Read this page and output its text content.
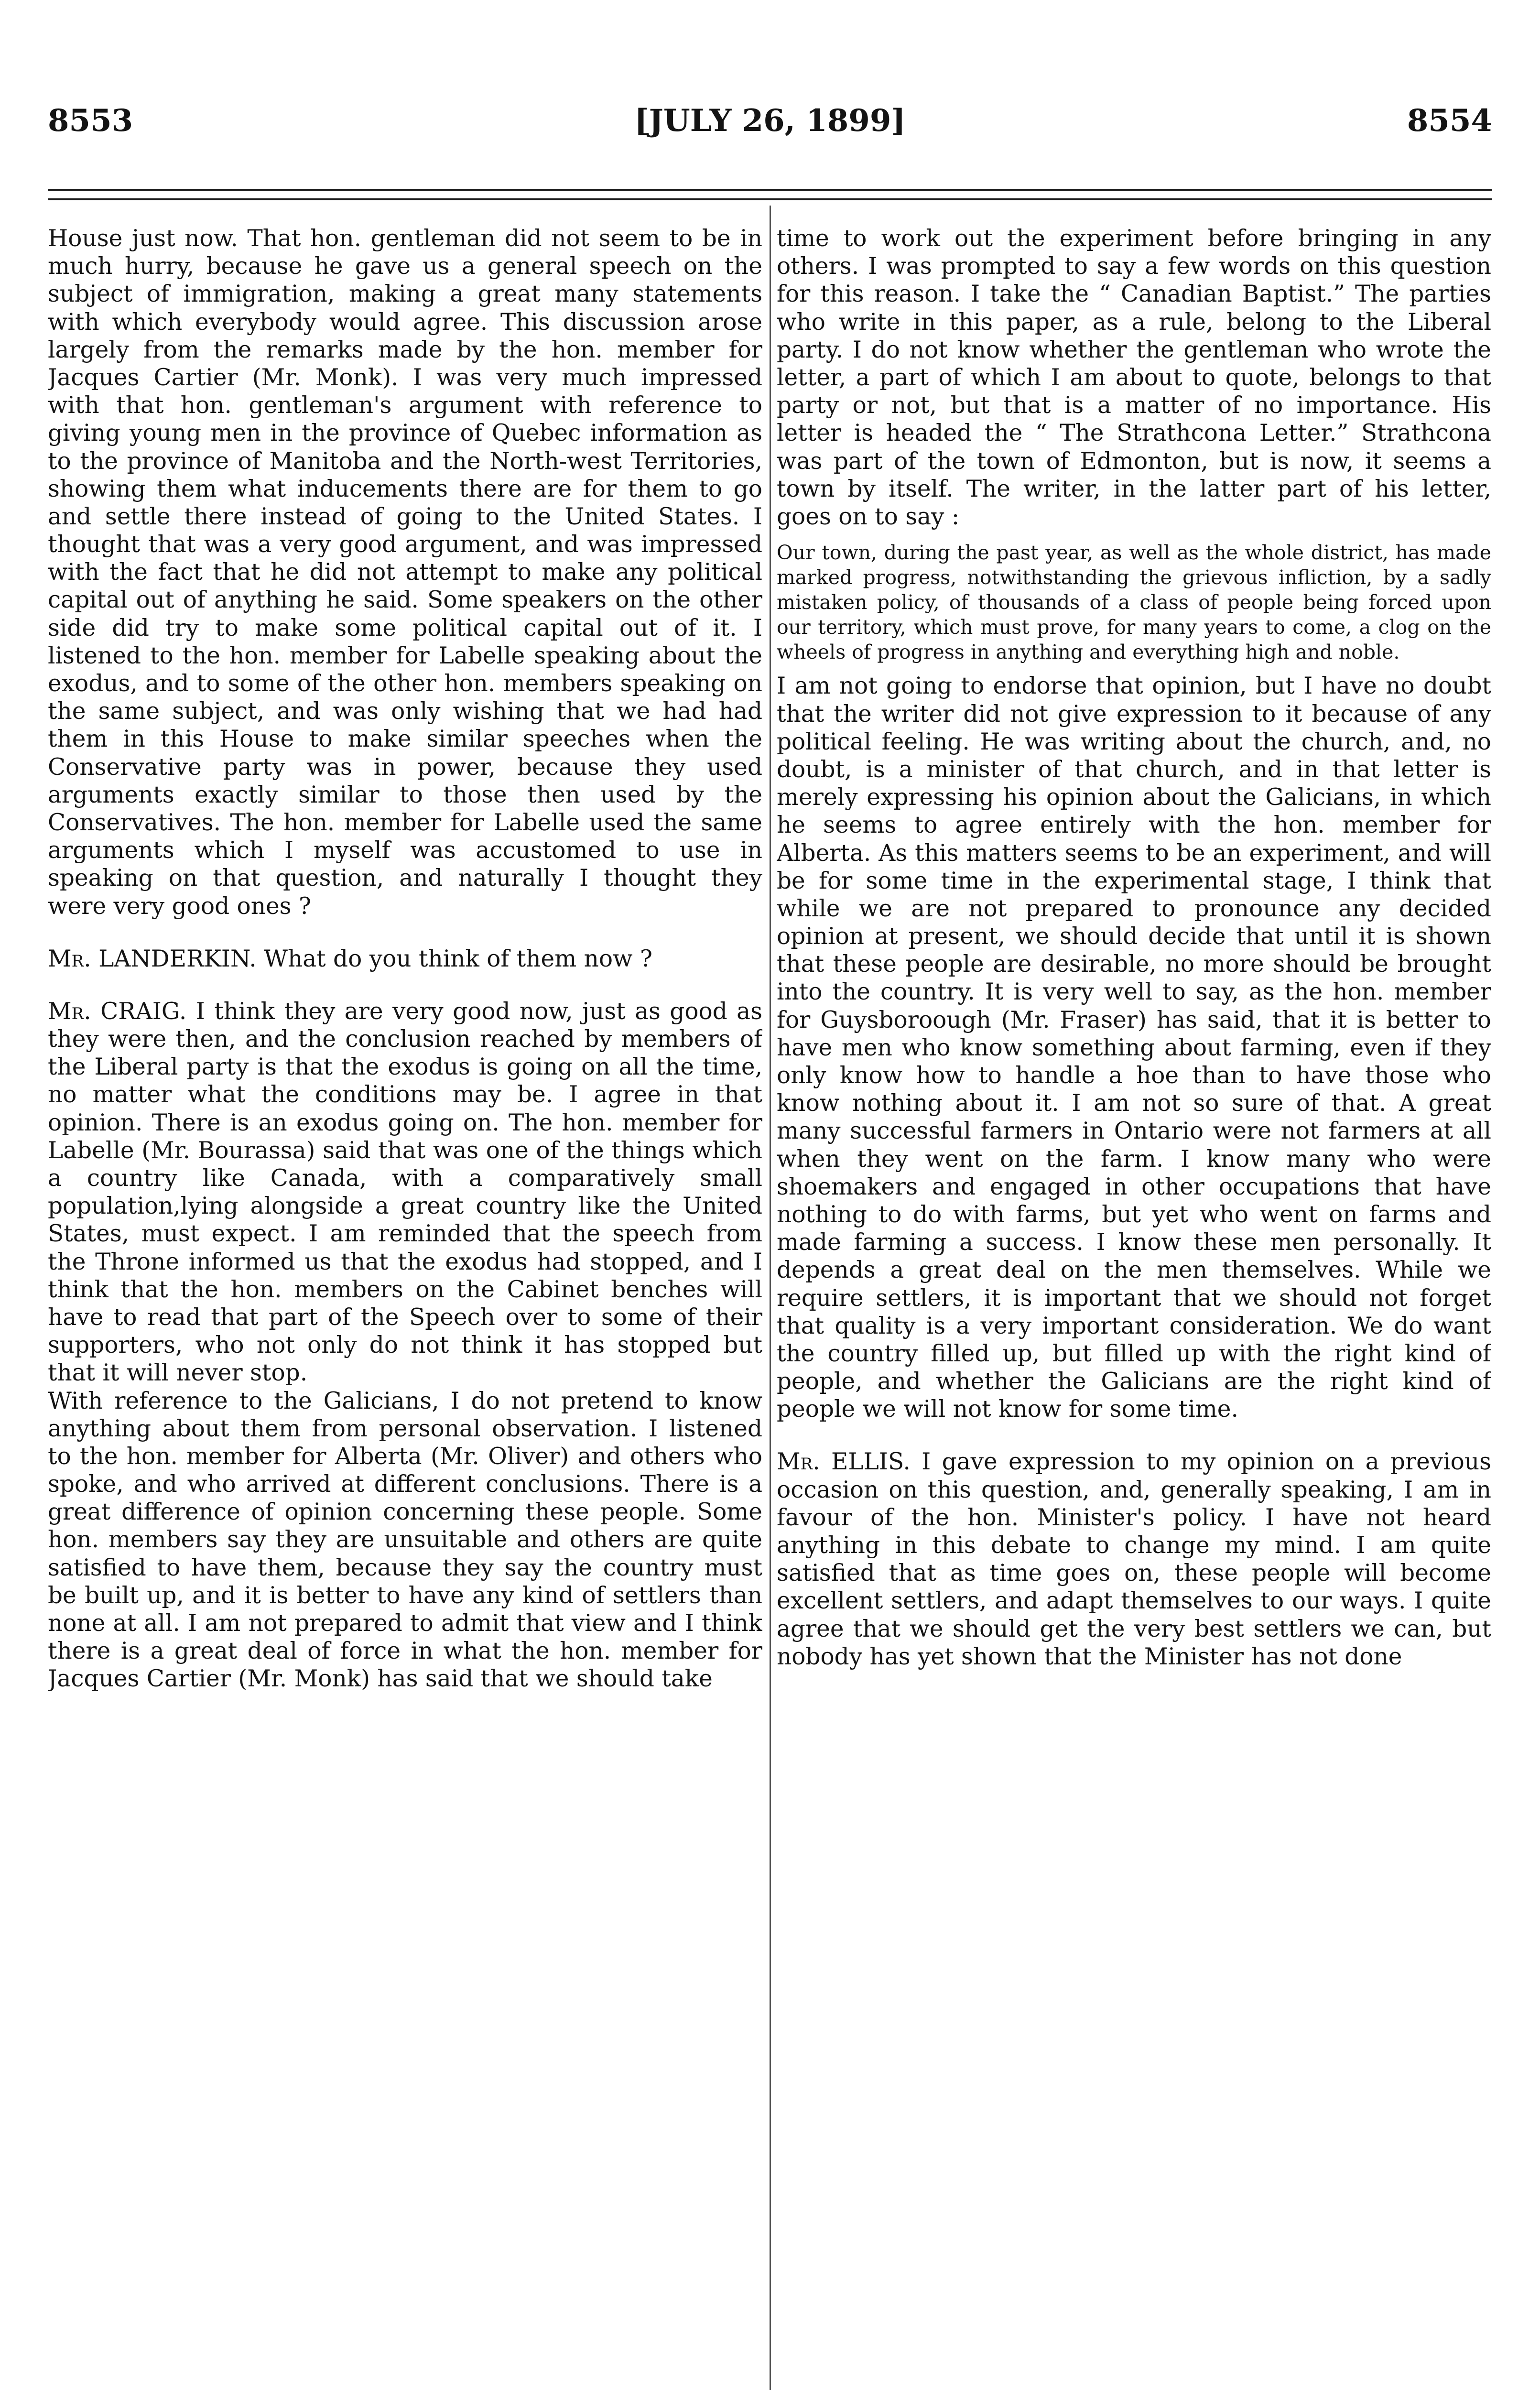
8553	[JULY 26, 1899]	8554

House just now. That hon. gentleman did not seem to be in much hurry, because he gave us a general speech on the subject of immigration, making a great many statements with which everybody would agree. This discussion arose largely from the remarks made by the hon. member for Jacques Cartier (Mr. Monk). I was very much impressed with that hon. gentleman's argument with reference to giving young men in the province of Quebec information as to the province of Manitoba and the North-west Territories, showing them what inducements there are for them to go and settle there instead of going to the United States. I thought that was a very good argument, and was impressed with the fact that he did not attempt to make any political capital out of anything he said. Some speakers on the other side did try to make some political capital out of it. I listened to the hon. member for Labelle speaking about the exodus, and to some of the other hon. members speaking on the same subject, and was only wishing that we had had them in this House to make similar speeches when the Conservative party was in power, because they used arguments exactly similar to those then used by the Conservatives. The hon. member for Labelle used the same arguments which I myself was accustomed to use in speaking on that question, and naturally I thought they were very good ones ?

Mr. LANDERKIN. What do you think of them now ?

Mr. CRAIG. I think they are very good now, just as good as they were then, and the conclusion reached by members of the Liberal party is that the exodus is going on all the time, no matter what the conditions may be. I agree in that opinion. There is an exodus going on. The hon. member for Labelle (Mr. Bourassa) said that was one of the things which a country like Canada, with a comparatively small population,lying alongside a great country like the United States, must expect. I am reminded that the speech from the Throne informed us that the exodus had stopped, and I think that the hon. members on the Cabinet benches will have to read that part of the Speech over to some of their supporters, who not only do not think it has stopped but that it will never stop.

With reference to the Galicians, I do not pretend to know anything about them from personal observation. I listened to the hon. member for Alberta (Mr. Oliver) and others who spoke, and who arrived at different conclusions. There is a great difference of opinion concerning these people. Some hon. members say they are unsuitable and others are quite satisfied to have them, because they say the country must be built up, and it is better to have any kind of settlers than none at all. I am not prepared to admit that view and I think there is a great deal of force in what the hon. member for Jacques Cartier (Mr. Monk) has said that we should take

time to work out the experiment before bringing in any others. I was prompted to say a few words on this question for this reason. I take the “ Canadian Baptist.” The parties who write in this paper, as a rule, belong to the Liberal party. I do not know whether the gentleman who wrote the letter, a part of which I am about to quote, belongs to that party or not, but that is a matter of no importance. His letter is headed the “ The Strathcona Letter.” Strathcona was part of the town of Edmonton, but is now, it seems a town by itself. The writer, in the latter part of his letter, goes on to say :

Our town, during the past year, as well as the whole district, has made marked progress, notwithstanding the grievous infliction, by a sadly mistaken policy, of thousands of a class of people being forced upon our territory, which must prove, for many years to come, a clog on the wheels of progress in anything and everything high and noble.

I am not going to endorse that opinion, but I have no doubt that the writer did not give expression to it because of any political feeling. He was writing about the church, and, no doubt, is a minister of that church, and in that letter is merely expressing his opinion about the Galicians, in which he seems to agree entirely with the hon. member for Alberta. As this matters seems to be an experiment, and will be for some time in the experimental stage, I think that while we are not prepared to pronounce any decided opinion at present, we should decide that until it is shown that these people are desirable, no more should be brought into the country. It is very well to say, as the hon. member for Guysboroough (Mr. Fraser) has said, that it is better to have men who know something about farming, even if they only know how to handle a hoe than to have those who know nothing about it. I am not so sure of that. A great many successful farmers in Ontario were not farmers at all when they went on the farm. I know many who were shoemakers and engaged in other occupations that have nothing to do with farms, but yet who went on farms and made farming a success. I know these men personally. It depends a great deal on the men themselves. While we require settlers, it is important that we should not forget that quality is a very important consideration. We do want the country filled up, but filled up with the right kind of people, and whether the Galicians are the right kind of people we will not know for some time.

Mr. ELLIS. I gave expression to my opinion on a previous occasion on this question, and, generally speaking, I am in favour of the hon. Minister's policy. I have not heard anything in this debate to change my mind. I am quite satisfied that as time goes on, these people will become excellent settlers, and adapt themselves to our ways. I quite agree that we should get the very best settlers we can, but nobody has yet shown that the Minister has not done
